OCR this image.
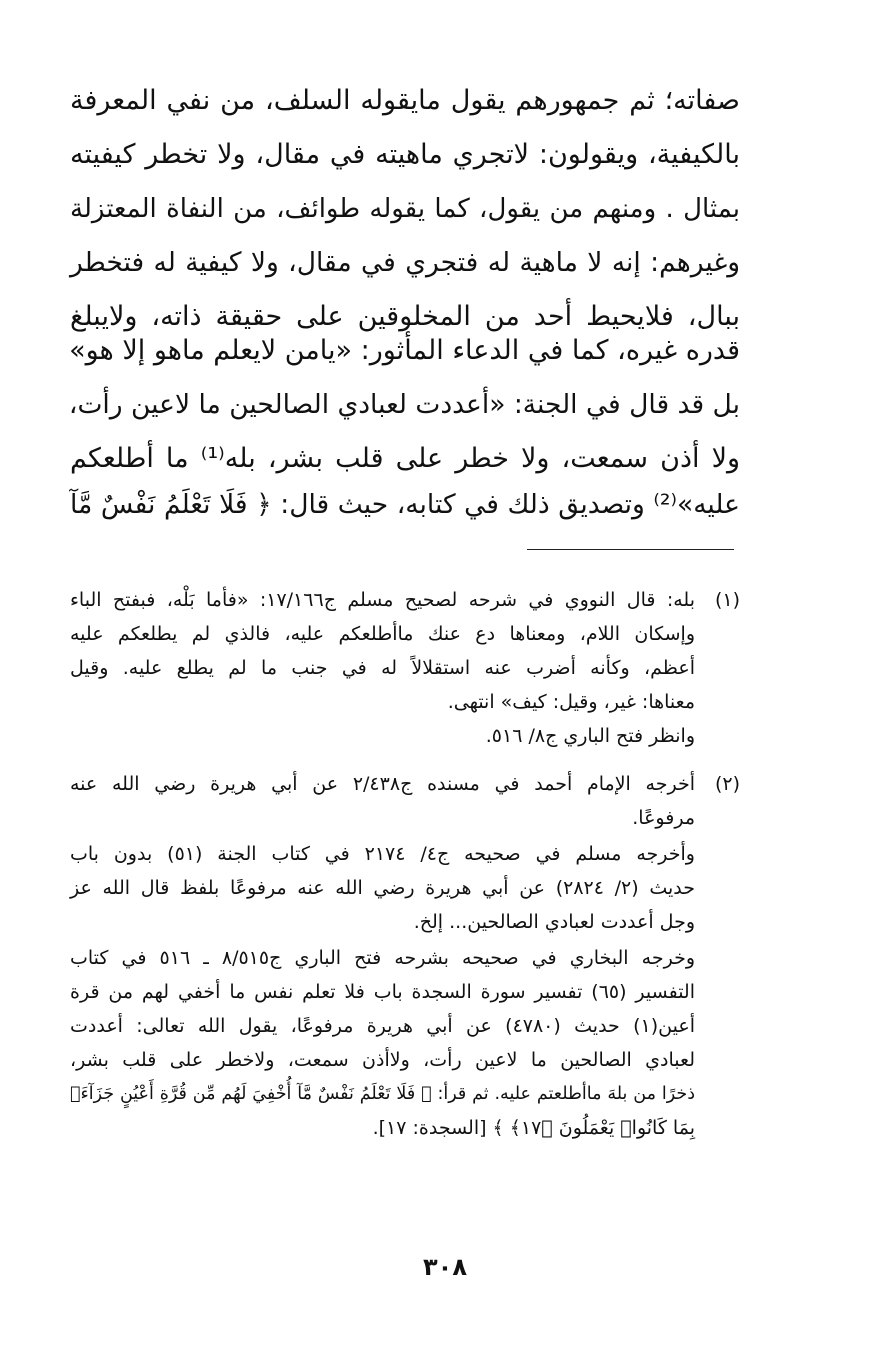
صفاته؛ ثم جمهورهم يقول مايقوله السلف، من نفي المعرفة
بالكيفية، ويقولون: لاتجري ماهيته في مقال، ولا تخطر كيفيته
بمثال . ومنهم من يقول، كما يقوله طوائف، من النفاة المعتزلة
وغيرهم: إنه لا ماهية له فتجري في مقال، ولا كيفية له فتخطر
ببال، فلايحيط أحد من المخلوقين على حقيقة ذاته، ولايبلغ
قدره غيره، كما في الدعاء المأثور: «يامن لايعلم ماهو إلا هو»
بل قد قال في الجنة: «أعددت لعبادي الصالحين ما لاعين رأت،
ولا أذن سمعت، ولا خطر على قلب بشر، بله⁽¹⁾ ما أطلعكم
عليه»⁽²⁾ وتصديق ذلك في كتابه، حيث قال: ﴿ فَلَا تَعْلَمُ نَفْسٌ مَّآ
(١)
بله: قال النووي في شرحه لصحيح مسلم ج١٧/١٦٦: «فأما بَلْه، فبفتح الباء
وإسكان اللام، ومعناها دع عنك ماأطلعكم عليه، فالذي لم يطلعكم عليه
أعظم، وكأنه أضرب عنه استقلالاً له في جنب ما لم يطلع عليه. وقيل
معناها: غير، وقيل: كيف» انتهى.
وانظر فتح الباري ج٨/ ٥١٦.
(٢)
أخرجه الإمام أحمد في مسنده ج٢/٤٣٨ عن أبي هريرة رضي الله عنه
مرفوعًا.
وأخرجه مسلم في صحيحه ج٤/ ٢١٧٤ في كتاب الجنة (٥١) بدون باب
حديث (٢/ ٢٨٢٤) عن أبي هريرة رضي الله عنه مرفوعًا بلفظ قال الله عز
وجل أعددت لعبادي الصالحين... إلخ.
وخرجه البخاري في صحيحه بشرحه فتح الباري ج٨/٥١٥ ـ ٥١٦ في كتاب
التفسير (٦٥) تفسير سورة السجدة باب فلا تعلم نفس ما أخفي لهم من قرة
أعين(١) حديث (٤٧٨٠) عن أبي هريرة مرفوعًا، يقول الله تعالى: أعددت
لعبادي الصالحين ما لاعين رأت، ولاأذن سمعت، ولاخطر على قلب بشر،
ذخرًا من بلهَ ماأطلعتم عليه. ثم قرأ: ﴿ فَلَا تَعْلَمُ نَفْسٌ مَّآ أُخْفِيَ لَهُم مِّن قُرَّةِ أَعْيُنٍ جَزَآءَۢ
بِمَا كَانُوا۟ يَعْمَلُونَ ﴿١٧﴾ ﴾ [السجدة: ١٧].
٣٠٨
